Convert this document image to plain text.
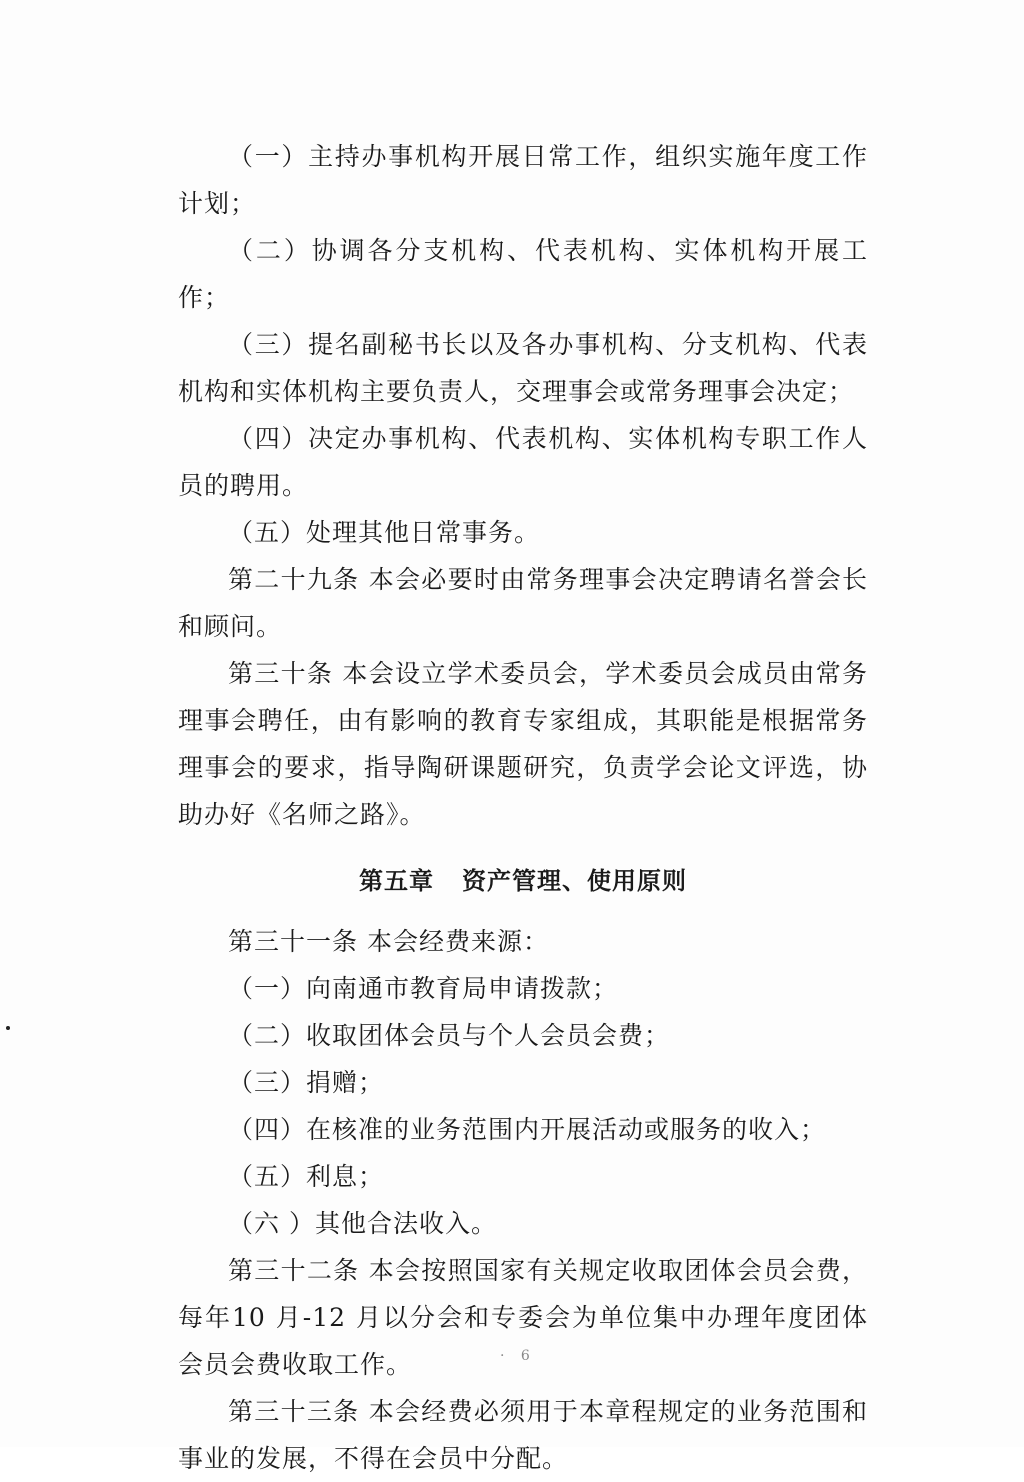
（一）主持办事机构开展日常工作，组织实施年度工作计划；

（二）协调各分支机构、代表机构、实体机构开展工作；

（三）提名副秘书长以及各办事机构、分支机构、代表机构和实体机构主要负责人，交理事会或常务理事会决定；

（四）决定办事机构、代表机构、实体机构专职工作人员的聘用。

（五）处理其他日常事务。

第二十九条 本会必要时由常务理事会决定聘请名誉会长和顾问。

第三十条 本会设立学术委员会，学术委员会成员由常务理事会聘任，由有影响的教育专家组成，其职能是根据常务理事会的要求，指导陶研课题研究，负责学会论文评选，协助办好《名师之路》。

第五章 资产管理、使用原则

第三十一条 本会经费来源：

（一）向南通市教育局申请拨款；

（二）收取团体会员与个人会员会费；

（三）捐赠；

（四）在核准的业务范围内开展活动或服务的收入；

（五）利息；

（六 ）其他合法收入。

第三十二条 本会按照国家有关规定收取团体会员会费，每年10 月-12 月以分会和专委会为单位集中办理年度团体会员会费收取工作。

第三十三条 本会经费必须用于本章程规定的业务范围和事业的发展，不得在会员中分配。

· 6
